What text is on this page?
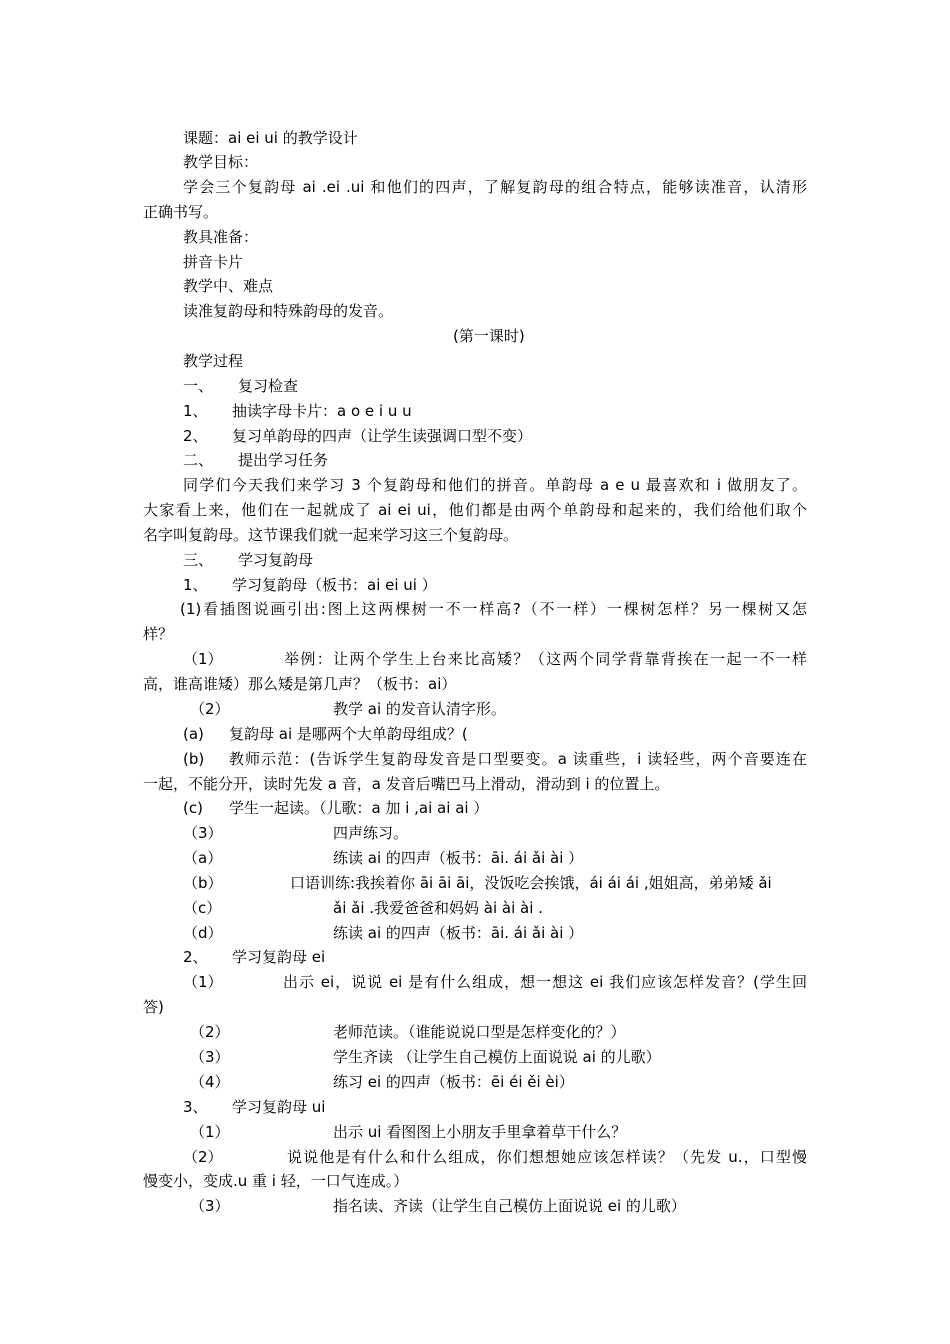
课题：ai ei ui 的教学设计
教学目标：
学会三个复韵母 ai .ei .ui 和他们的四声，了解复韵母的组合特点，能够读准音，认清形
正确书写。
教具准备：
拼音卡片
教学中、难点
读准复韵母和特殊韵母的发音。
(第一课时)
教学过程
一、 复习检查
1、 抽读字母卡片：a o e i u u
2、 复习单韵母的四声（让学生读强调口型不变）
二、 提出学习任务
同学们今天我们来学习 3 个复韵母和他们的拼音。单韵母 a e u 最喜欢和 i 做朋友了。
大家看上来，他们在一起就成了 ai ei ui，他们都是由两个单韵母和起来的，我们给他们取个
名字叫复韵母。这节课我们就一起来学习这三个复韵母。
三、 学习复韵母
1、 学习复韵母（板书：ai ei ui ）
(1)看插图说画引出:图上这两棵树一不一样高?（不一样）一棵树怎样？另一棵树又怎
样？
（1）	举例：让两个学生上台来比高矮？（这两个同学背靠背挨在一起一不一样
高，谁高谁矮）那么矮是第几声？（板书：ai）
（2）	教学 ai 的发音认清字形。
(a) 复韵母 ai 是哪两个大单韵母组成？(
(b) 教师示范：(告诉学生复韵母发音是口型要变。a 读重些，i 读轻些，两个音要连在
一起，不能分开，读时先发 a 音，a 发音后嘴巴马上滑动，滑动到 i 的位置上。
(c) 学生一起读。（儿歌：a 加 i ,ai ai ai ）
（3）	四声练习。
（a）	练读 ai 的四声（板书：āi. ái ǎi ài ）
（b）	口语训练:我挨着你 āi āi āi，没饭吃会挨饿，ái ái ái ,姐姐高，弟弟矮 ǎi
（c）	ǎi ǎi .我爱爸爸和妈妈 ài ài ài .
（d）	练读 ai 的四声（板书：āi. ái ǎi ài ）
2、 学习复韵母 ei
（1）	出示 ei，说说 ei 是有什么组成，想一想这 ei 我们应该怎样发音？(学生回
答)
（2）	老师范读。（谁能说说口型是怎样变化的？）
（3）	学生齐读 （让学生自己模仿上面说说 ai 的儿歌）
（4）	练习 ei 的四声（板书：ēi éi ěi èi）
3、 学习复韵母 ui
（1）	出示 ui 看图图上小朋友手里拿着草干什么？
（2）	说说他是有什么和什么组成，你们想想她应该怎样读？（先发 u.，口型慢
慢变小，变成.u 重 i 轻，一口气连成。）
（3）	指名读、齐读（让学生自己模仿上面说说 ei 的儿歌）
